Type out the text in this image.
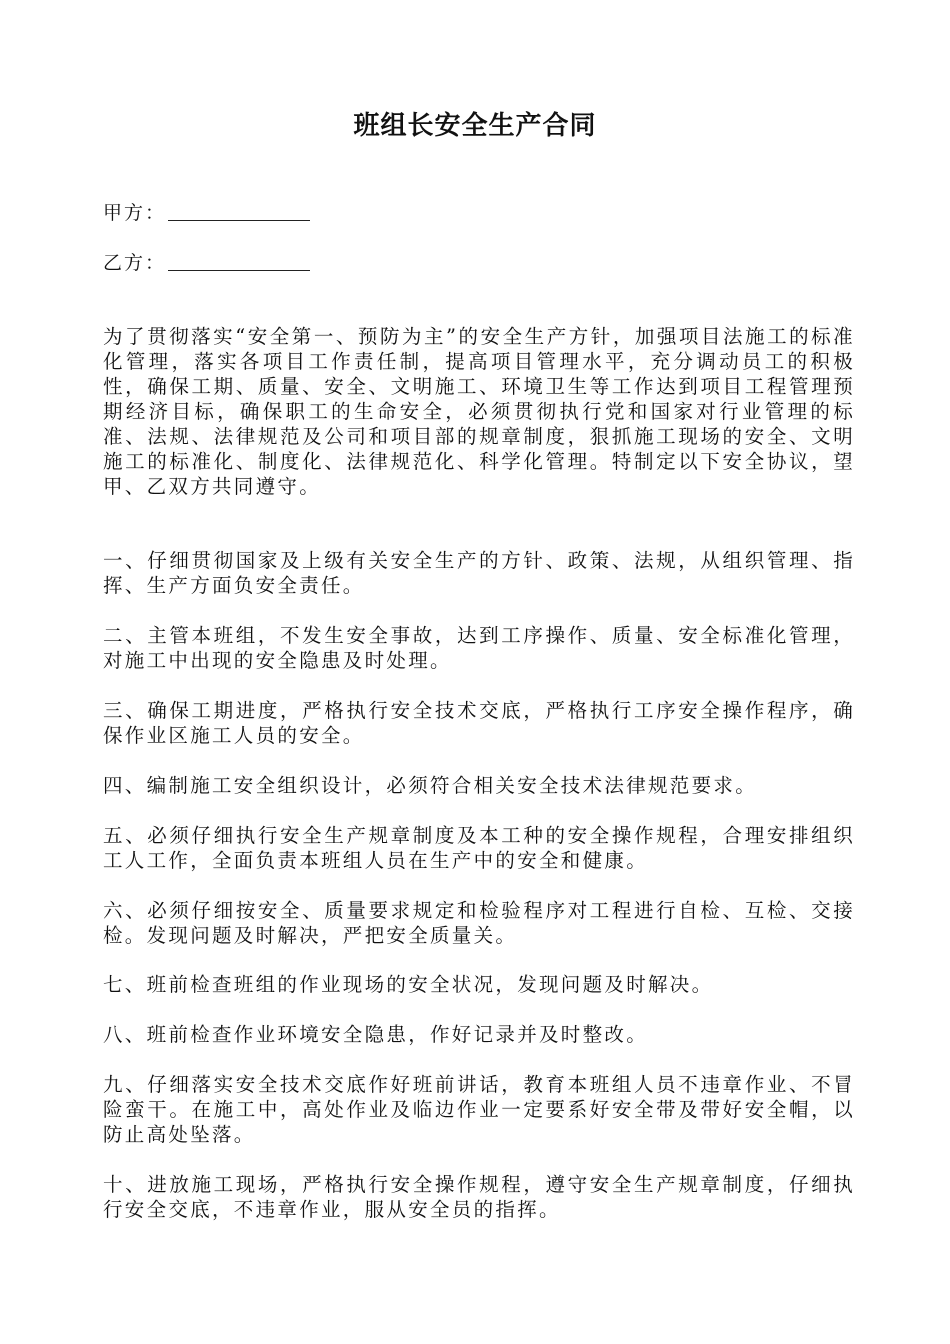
班组长安全生产合同
甲方：
乙方：
为了贯彻落实“安全第一、预防为主”的安全生产方针，加强项目法施工的标准化管理，落实各项目工作责任制，提高项目管理水平，充分调动员工的积极性，确保工期、质量、安全、文明施工、环境卫生等工作达到项目工程管理预期经济目标，确保职工的生命安全，必须贯彻执行党和国家对行业管理的标准、法规、法律规范及公司和项目部的规章制度，狠抓施工现场的安全、文明施工的标准化、制度化、法律规范化、科学化管理。特制定以下安全协议，望甲、乙双方共同遵守。
一、仔细贯彻国家及上级有关安全生产的方针、政策、法规，从组织管理、指挥、生产方面负安全责任。
二、主管本班组，不发生安全事故，达到工序操作、质量、安全标准化管理，对施工中出现的安全隐患及时处理。
三、确保工期进度，严格执行安全技术交底，严格执行工序安全操作程序，确保作业区施工人员的安全。
四、编制施工安全组织设计，必须符合相关安全技术法律规范要求。
五、必须仔细执行安全生产规章制度及本工种的安全操作规程，合理安排组织工人工作，全面负责本班组人员在生产中的安全和健康。
六、必须仔细按安全、质量要求规定和检验程序对工程进行自检、互检、交接检。发现问题及时解决，严把安全质量关。
七、班前检查班组的作业现场的安全状况，发现问题及时解决。
八、班前检查作业环境安全隐患，作好记录并及时整改。
九、仔细落实安全技术交底作好班前讲话，教育本班组人员不违章作业、不冒险蛮干。在施工中，高处作业及临边作业一定要系好安全带及带好安全帽，以防止高处坠落。
十、进放施工现场，严格执行安全操作规程，遵守安全生产规章制度，仔细执行安全交底，不违章作业，服从安全员的指挥。
